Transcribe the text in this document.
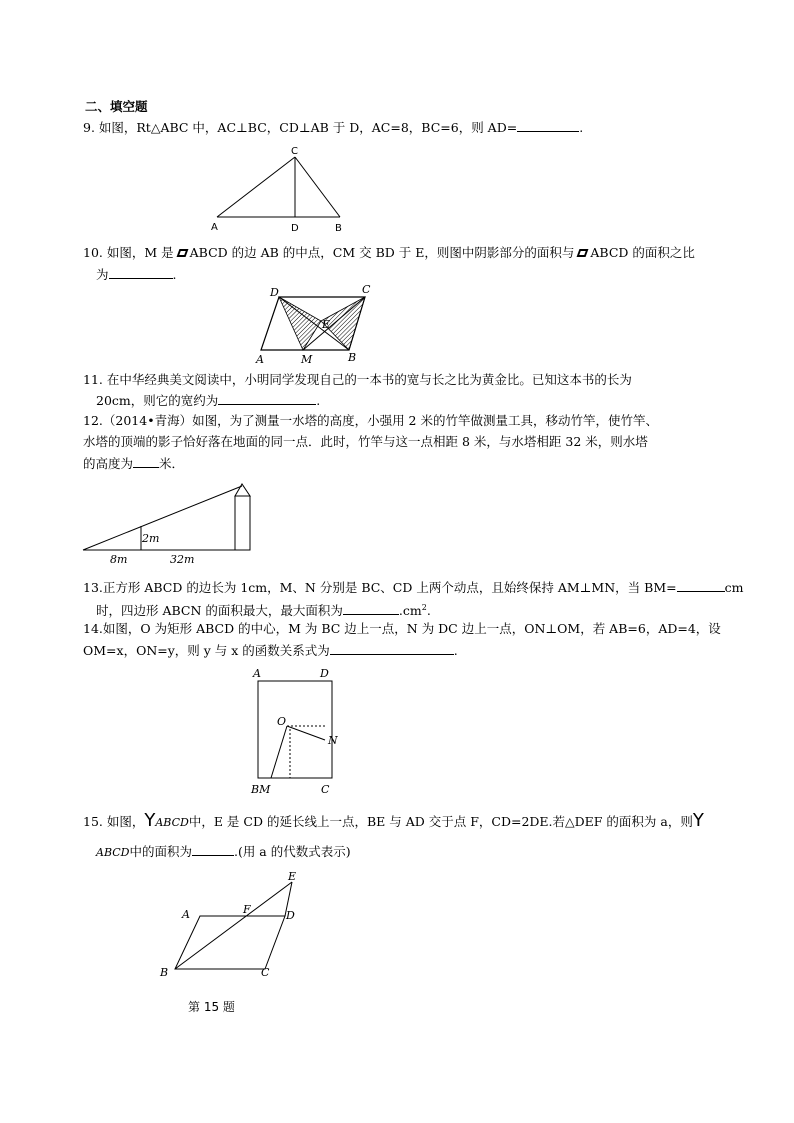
二、填空题
9. 如图，Rt△ABC 中，AC⊥BC，CD⊥AB 于 D，AC=8，BC=6，则 AD=	.
C
A	D	B
10. 如图，M 是 ABCD 的边 AB 的中点，CM 交 BD 于 E，则图中阴影部分的面积与 ABCD 的面积之比
为	.
D	C
E
A	M	B
11. 在中华经典美文阅读中，小明同学发现自己的一本书的宽与长之比为黄金比。已知这本书的长为
20cm，则它的宽约为	.
12.（2014•青海）如图，为了测量一水塔的高度，小强用 2 米的竹竿做测量工具，移动竹竿，使竹竿、
水塔的顶端的影子恰好落在地面的同一点．此时，竹竿与这一点相距 8 米，与水塔相距 32 米，则水塔
的高度为 米．
2m
8m	32m
13.正方形 ABCD 的边长为 1cm，M、N 分别是 BC、CD 上两个动点，且始终保持 AM⊥MN，当 BM=	cm
时，四边形 ABCN 的面积最大，最大面积为	$.cm^2$.
14.如图，O 为矩形 ABCD 的中心，M 为 BC 边上一点，N 为 DC 边上一点，ON⊥OM，若 AB=6，AD=4，设
OM=x，ON=y，则 y 与 x 的函数关系式为	.
A	D
O
N
BM	C
15. 如图，YABCD中，E 是 CD 的延长线上一点，BE 与 AD 交于点 F，CD=2DE.若△DEF 的面积为 a，则Y
ABCD中的面积为	.(用 a 的代数式表示)
E
A	F	D
B	C
第 15 题
